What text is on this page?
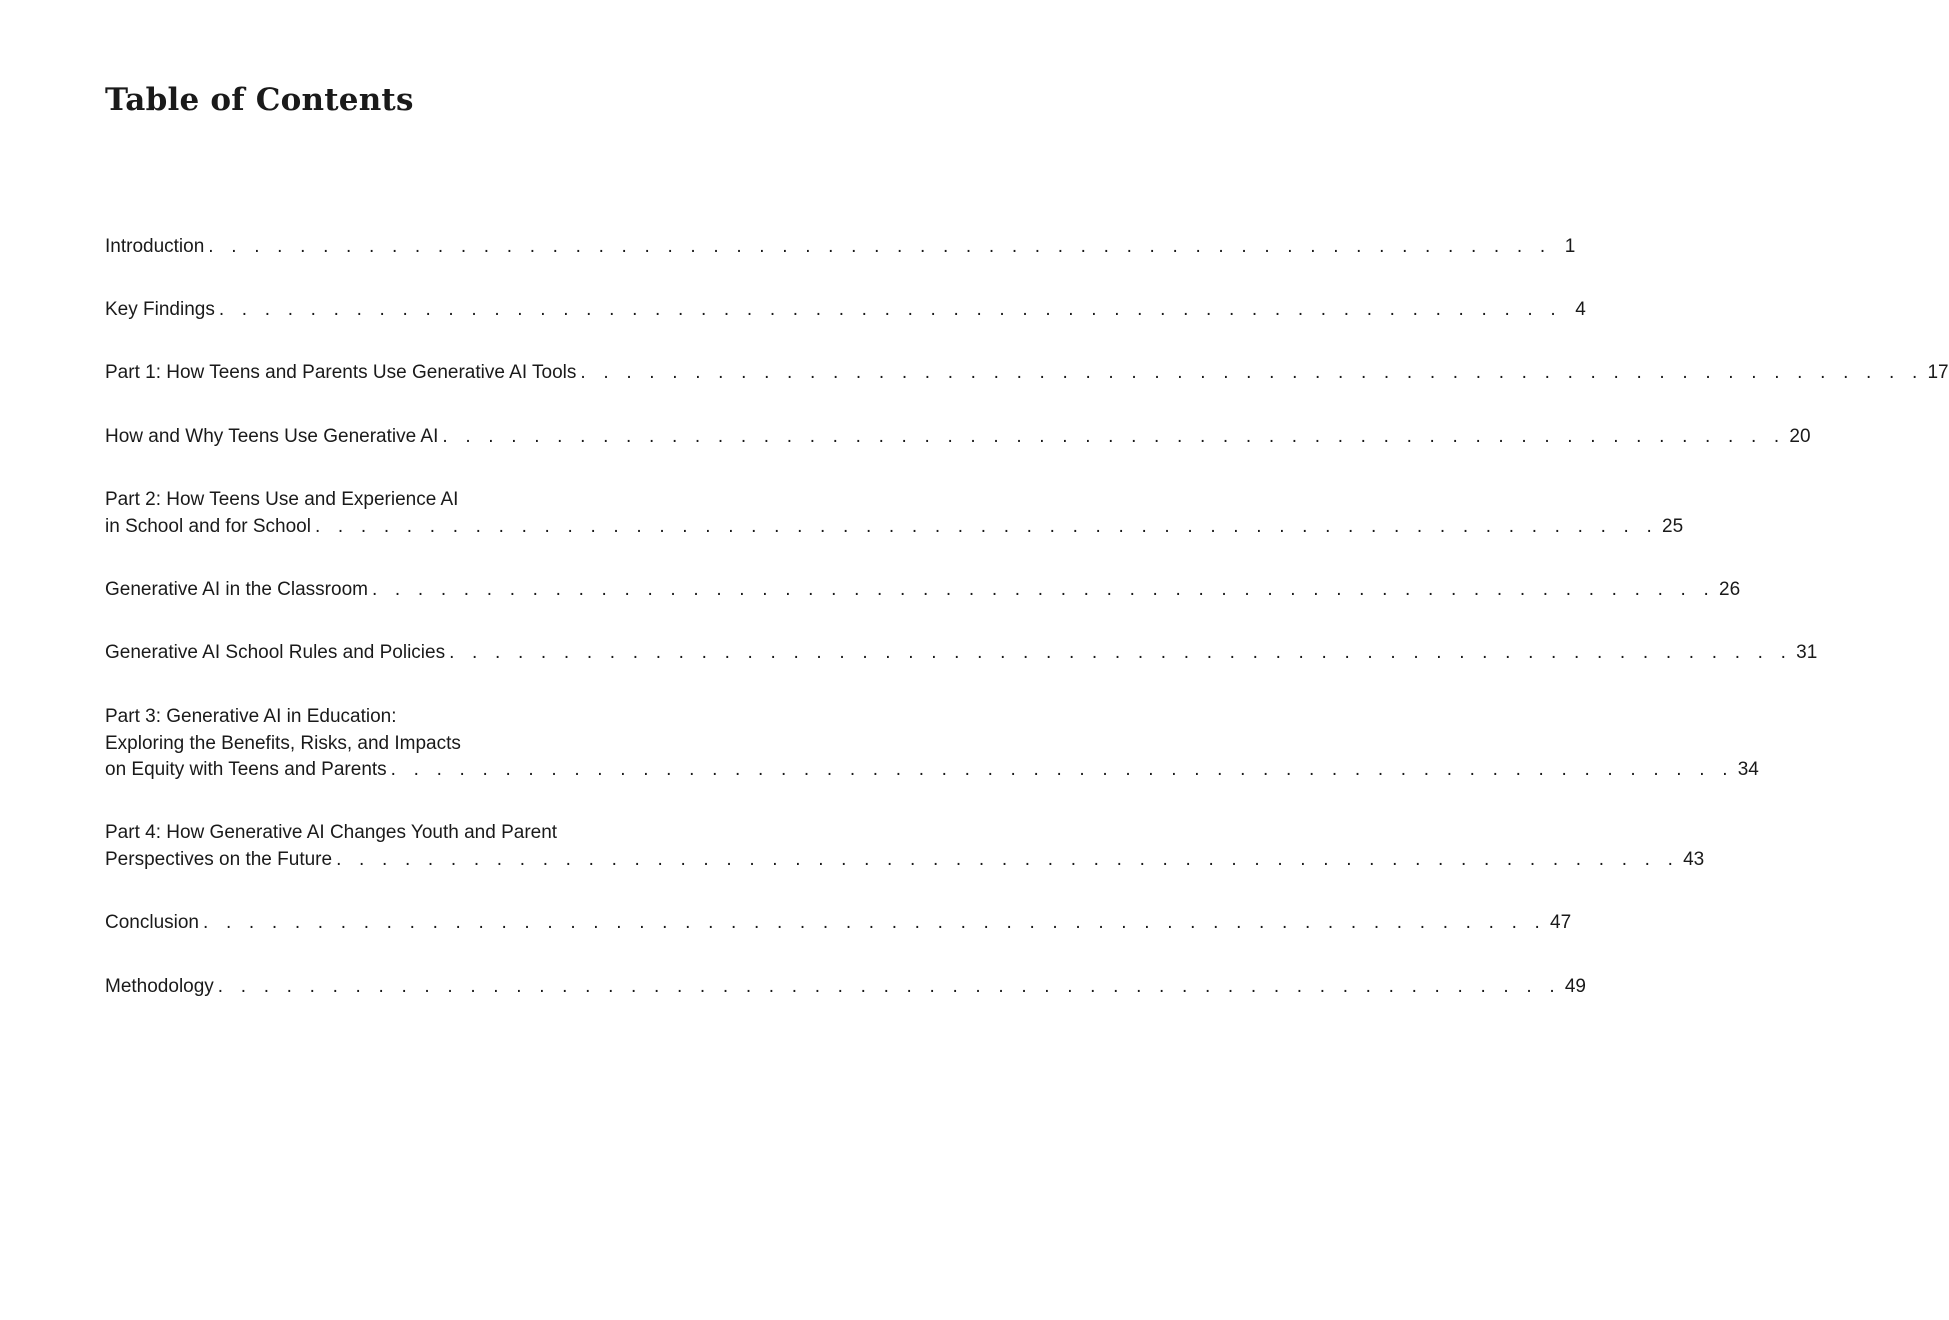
Table of Contents
Introduction . . . . . . . . . . . . . . . . . . . . . . . . . . . . . . . . . . . . . . . . . . . . . . . . . . . . . . . . . . . 1
Key Findings . . . . . . . . . . . . . . . . . . . . . . . . . . . . . . . . . . . . . . . . . . . . . . . . . . . . . . . . . . . 4
Part 1: How Teens and Parents Use Generative AI Tools . . . . . . . . . . . . . . . . . . . . . . . . . . . . . . . . . . . . . . . . . . . . . . . . . . . . . . . . . . . 17
How and Why Teens Use Generative AI . . . . . . . . . . . . . . . . . . . . . . . . . . . . . . . . . . . . . . . . . . . . . . . . . . . . . . . . . . . 20
Part 2: How Teens Use and Experience AI
in School and for School . . . . . . . . . . . . . . . . . . . . . . . . . . . . . . . . . . . . . . . . . . . . . . . . . . . . . . . . . . . 25
Generative AI in the Classroom . . . . . . . . . . . . . . . . . . . . . . . . . . . . . . . . . . . . . . . . . . . . . . . . . . . . . . . . . . . 26
Generative AI School Rules and Policies . . . . . . . . . . . . . . . . . . . . . . . . . . . . . . . . . . . . . . . . . . . . . . . . . . . . . . . . . . . 31
Part 3: Generative AI in Education:
Exploring the Benefits, Risks, and Impacts
on Equity with Teens and Parents . . . . . . . . . . . . . . . . . . . . . . . . . . . . . . . . . . . . . . . . . . . . . . . . . . . . . . . . . . . 34
Part 4: How Generative AI Changes Youth and Parent
Perspectives on the Future . . . . . . . . . . . . . . . . . . . . . . . . . . . . . . . . . . . . . . . . . . . . . . . . . . . . . . . . . . . 43
Conclusion . . . . . . . . . . . . . . . . . . . . . . . . . . . . . . . . . . . . . . . . . . . . . . . . . . . . . . . . . . . 47
Methodology . . . . . . . . . . . . . . . . . . . . . . . . . . . . . . . . . . . . . . . . . . . . . . . . . . . . . . . . . . . 49
